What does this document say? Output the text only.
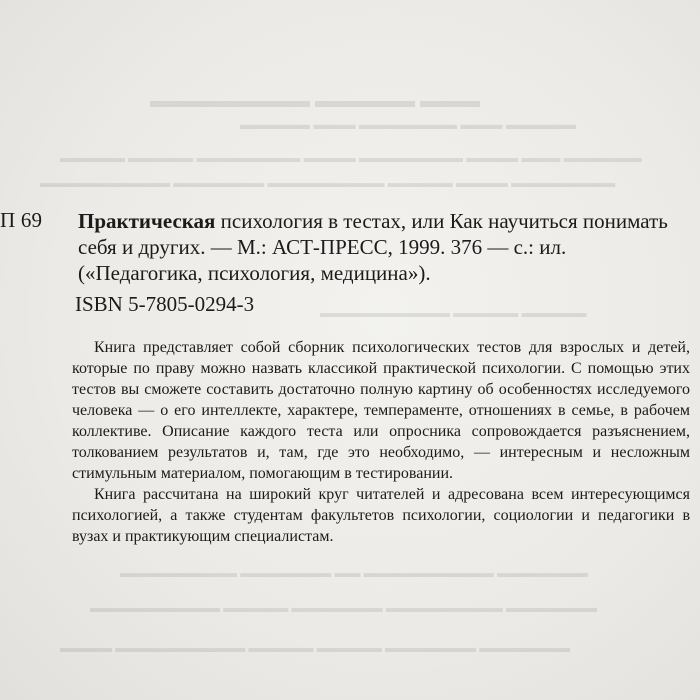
▬▬▬ ▬▬▬▬▬ ▬▬▬▬▬▬▬▬
▬▬▬▬▬ ▬▬▬ ▬▬▬▬▬▬▬ ▬▬▬ ▬▬▬▬▬
▬▬▬▬▬▬ ▬▬▬ ▬▬▬▬ ▬▬▬▬▬▬▬▬ ▬▬▬▬ ▬▬▬▬▬▬▬▬ ▬▬▬▬▬ ▬▬▬▬▬
▬▬▬▬▬▬▬▬ ▬▬▬▬ ▬▬▬▬▬ ▬▬▬▬▬▬▬▬▬ ▬▬▬▬▬▬▬ ▬▬▬▬▬▬▬▬▬▬
▬▬▬▬▬ ▬▬▬▬▬ ▬▬▬▬▬▬▬▬▬▬
▬▬▬▬▬▬▬ ▬▬▬▬▬▬▬▬▬▬ ▬▬ ▬▬▬▬▬▬▬ ▬▬▬▬▬▬▬▬▬
▬▬▬▬▬▬▬ ▬▬▬▬▬▬▬▬▬ ▬▬▬▬▬▬▬ ▬▬▬▬▬ ▬▬▬▬▬▬▬▬▬▬
▬▬▬▬▬▬▬ ▬▬▬▬▬▬▬ ▬▬▬▬▬ ▬▬▬▬▬ ▬▬▬▬▬▬▬▬▬▬ ▬▬▬▬
П 69 Практическая психология в тестах, или Как научиться понимать себя и других. — М.: АСТ-ПРЕСС, 1999. 376 — с.: ил. («Педагогика, психология, медицина»).
ISBN 5-7805-0294-3

Книга представляет собой сборник психологических тестов для взрослых и детей, которые по праву можно назвать классикой практической психологии. С помощью этих тестов вы сможете составить достаточно полную картину об особенностях исследуемого человека — о его интеллекте, характере, темпераменте, отношениях в семье, в рабочем коллективе. Описание каждого теста или опросника сопровождается разъяснением, толкованием результатов и, там, где это необходимо, — интересным и несложным стимульным материалом, помогающим в тестировании.

Книга рассчитана на широкий круг читателей и адресована всем интересующимся психологией, а также студентам факультетов психологии, социологии и педагогики в вузах и практикующим специалистам.
